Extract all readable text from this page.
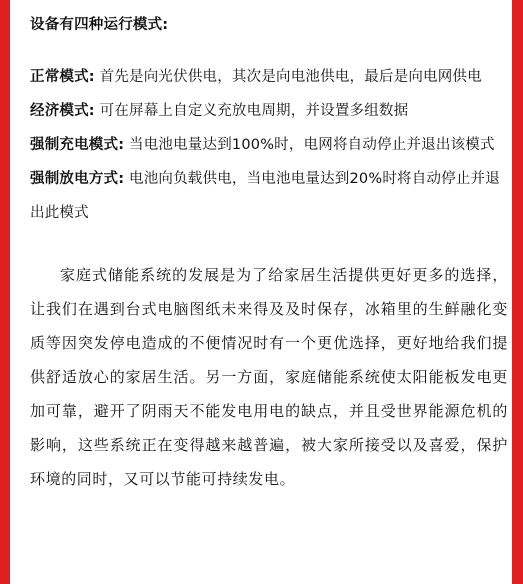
设备有四种运行模式:

正常模式: 首先是向光伏供电，其次是向电池供电，最后是向电网供电

经济模式: 可在屏幕上自定义充放电周期，并设置多组数据

强制充电模式: 当电池电量达到100%时，电网将自动停止并退出该模式

强制放电方式: 电池向负载供电，当电池电量达到20%时将自动停止并退出此模式

家庭式储能系统的发展是为了给家居生活提供更好更多的选择，让我们在遇到台式电脑图纸未来得及及时保存，冰箱里的生鲜融化变质等因突发停电造成的不便情况时有一个更优选择，更好地给我们提供舒适放心的家居生活。另一方面，家庭储能系统使太阳能板发电更加可靠，避开了阴雨天不能发电用电的缺点，并且受世界能源危机的影响，这些系统正在变得越来越普遍，被大家所接受以及喜爱，保护环境的同时，又可以节能可持续发电。
